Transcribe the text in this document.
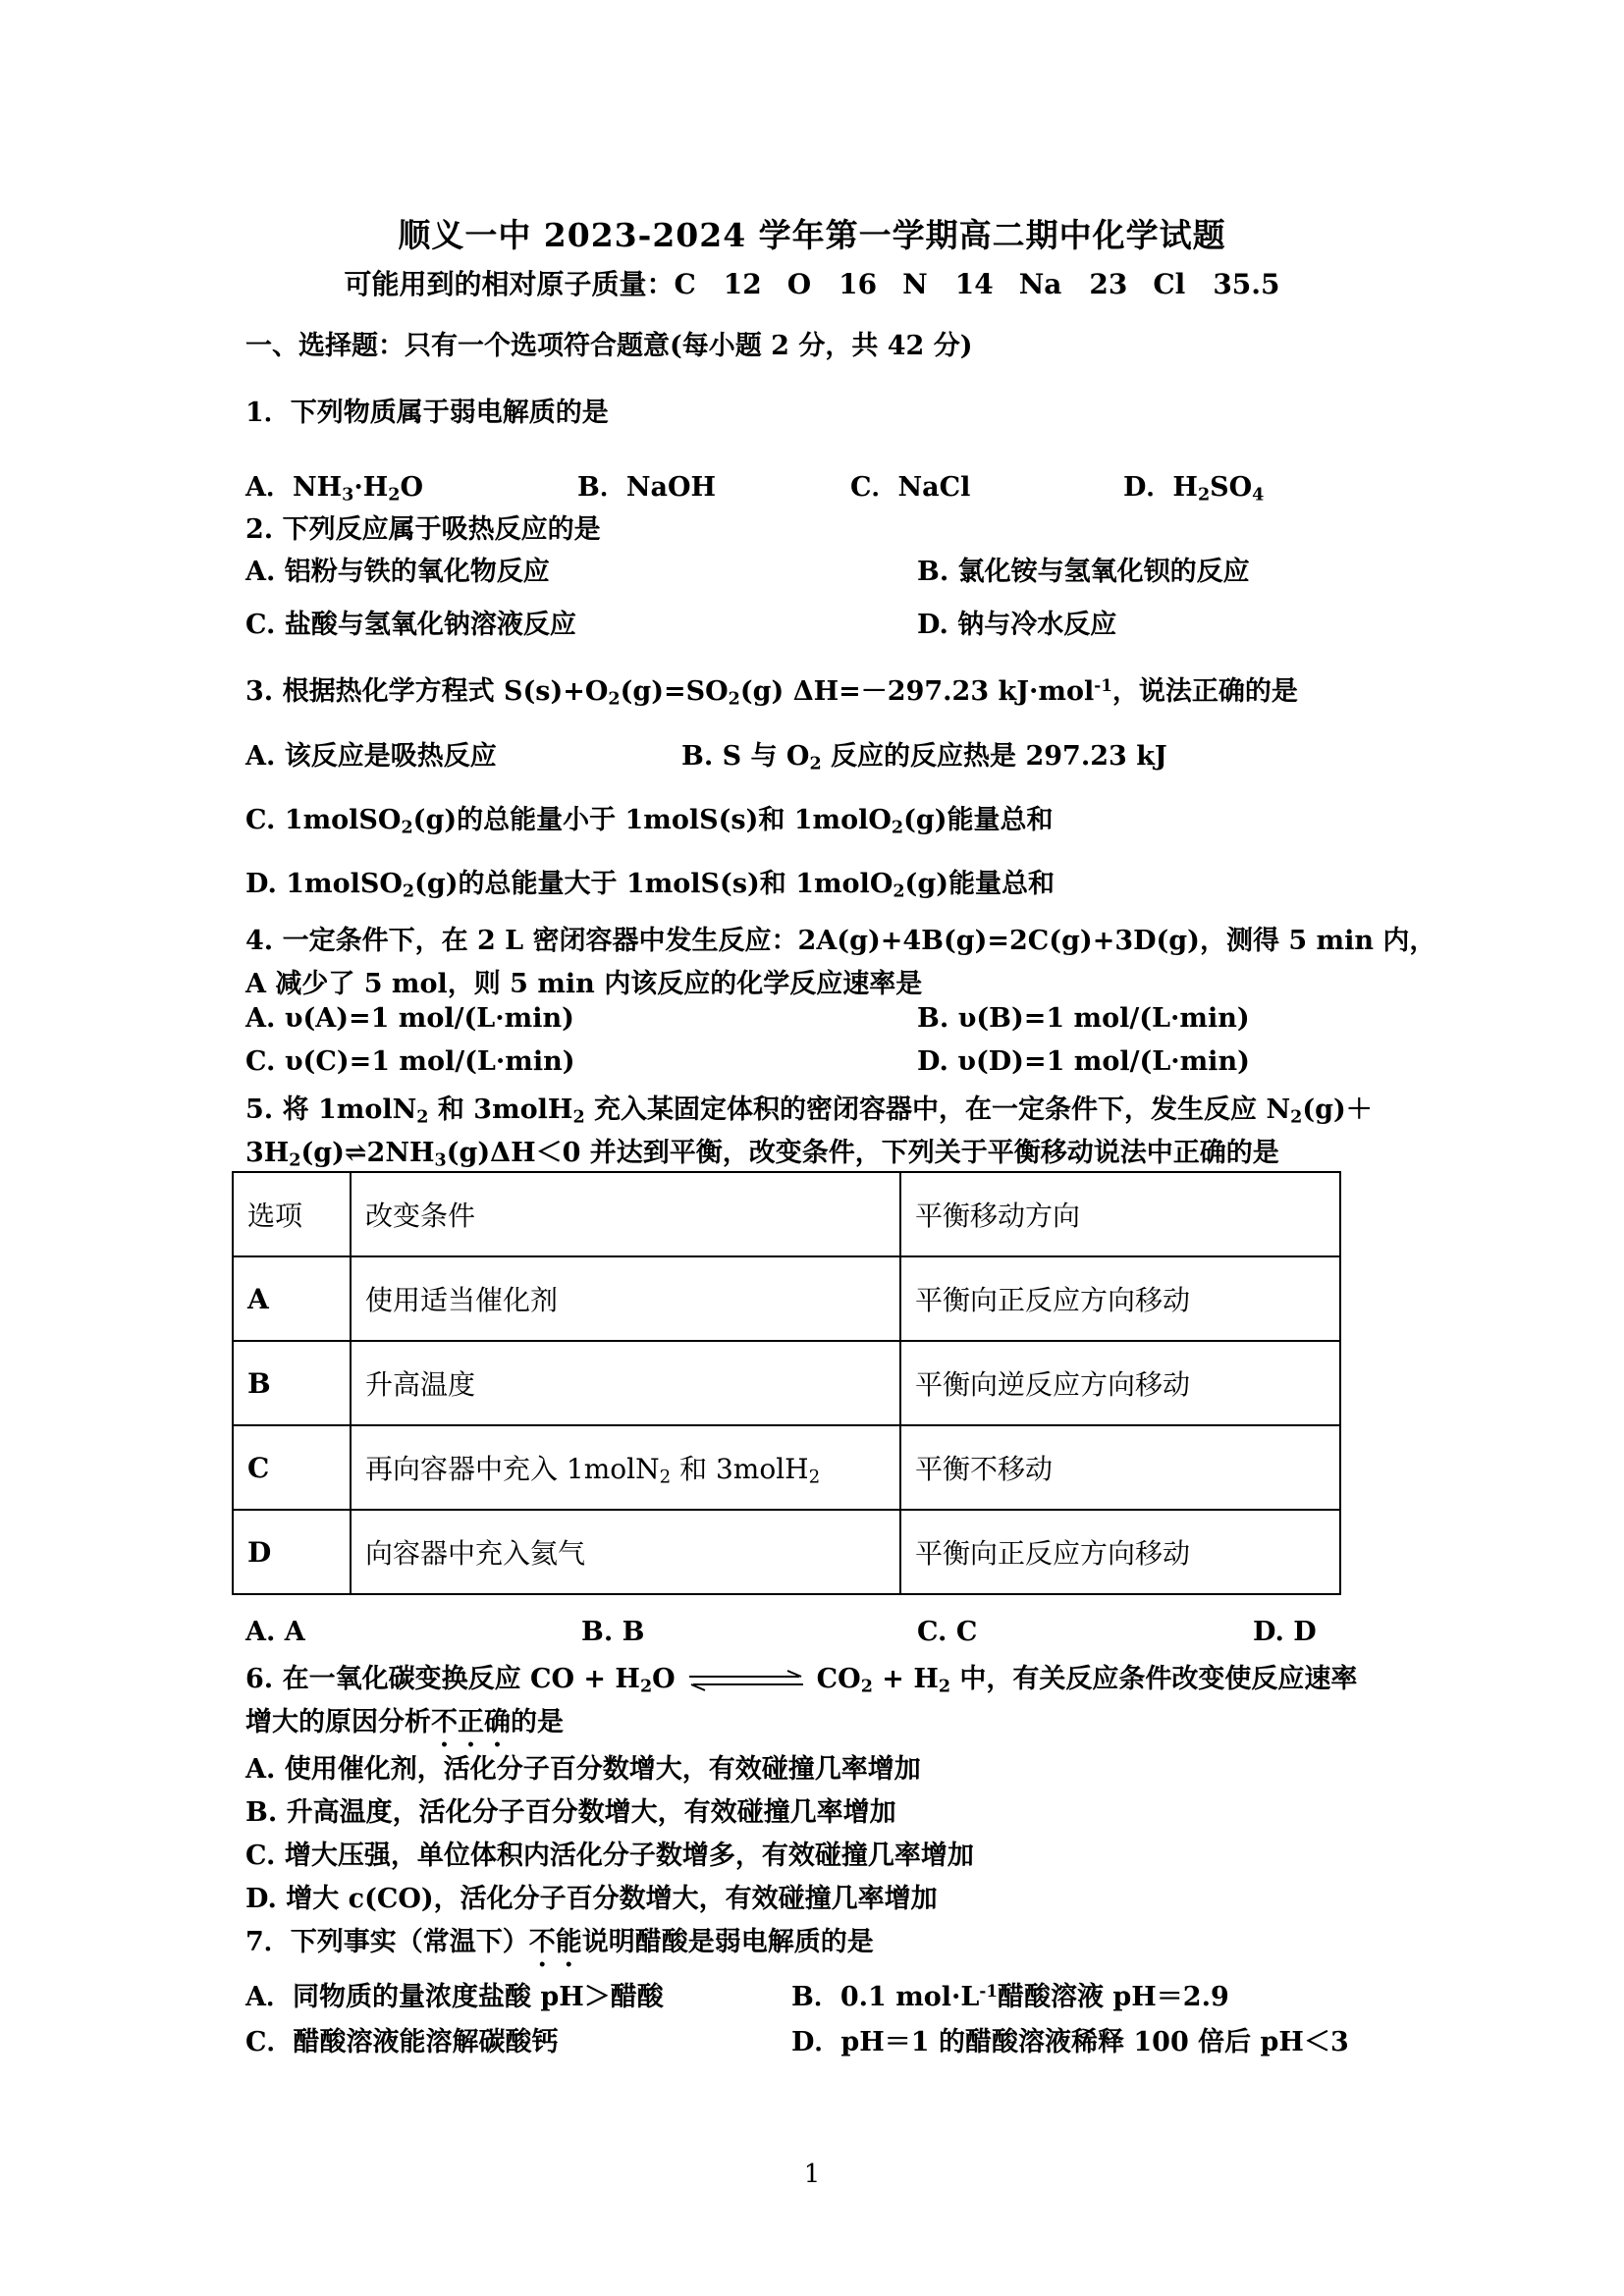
顺义一中 2023-2024 学年第一学期高二期中化学试题
可能用到的相对原子质量：C　12 O　16 N　14 Na　23 Cl　35.5
一、选择题：只有一个选项符合题意(每小题 2 分，共 42 分)
1．下列物质属于弱电解质的是
A．$NH_3\cdot H_2O$	B．NaOH	C．NaCl	D．$H_2SO_4$
2. 下列反应属于吸热反应的是
A. 铝粉与铁的氧化物反应	B. 氯化铵与氢氧化钡的反应
C. 盐酸与氢氧化钠溶液反应	D. 钠与冷水反应
3. 根据热化学方程式 $S(s)+O_2(g)=SO_2(g)$ ΔH=－297.23 kJ·mol$^{-1}$，说法正确的是
A. 该反应是吸热反应	B. S 与 $O_2$ 反应的反应热是 297.23 kJ
C. 1molSO$_2$(g)的总能量小于 1molS(s)和 1molO$_2$(g)能量总和
D. 1molSO$_2$(g)的总能量大于 1molS(s)和 1molO$_2$(g)能量总和
4. 一定条件下，在 2 L 密闭容器中发生反应：2A(g)+4B(g)=2C(g)+3D(g)，测得 5 min 内，
A 减少了 5 mol，则 5 min 内该反应的化学反应速率是
A. υ(A)=1 mol/(L·min)	B. υ(B)=1 mol/(L·min)
C. υ(C)=1 mol/(L·min)	D. υ(D)=1 mol/(L·min)
5. 将 1molN$_2$ 和 3molH$_2$ 充入某固定体积的密闭容器中，在一定条件下，发生反应 $N_2(g)+$
$3H_2(g)\rightleftharpoons 2NH_3(g)\Delta H<0$ 并达到平衡，改变条件，下列关于平衡移动说法中正确的是
选项	改变条件	平衡移动方向
A	使用适当催化剂	平衡向正反应方向移动
B	升高温度	平衡向逆反应方向移动
C	再向容器中充入 1molN$_2$ 和 3molH$_2$	平衡不移动
D	向容器中充入氦气	平衡向正反应方向移动
A. A	B. B	C. C	D. D
6. 在一氧化碳变换反应 CO + $H_2O$	$CO_2 + H_2$ 中，有关反应条件改变使反应速率
增大的原因分析不正确的是
A. 使用催化剂，活化分子百分数增大，有效碰撞几率增加
B. 升高温度，活化分子百分数增大，有效碰撞几率增加
C. 增大压强，单位体积内活化分子数增多，有效碰撞几率增加
D. 增大 c(CO)，活化分子百分数增大，有效碰撞几率增加
7．下列事实（常温下）不能说明醋酸是弱电解质的是
A．同物质的量浓度盐酸 pH＞醋酸	B．0.1 $mol\cdot L^{-1}$醋酸溶液 pH＝2.9
C．醋酸溶液能溶解碳酸钙	D．pH＝1 的醋酸溶液稀释 100 倍后 pH＜3
1
